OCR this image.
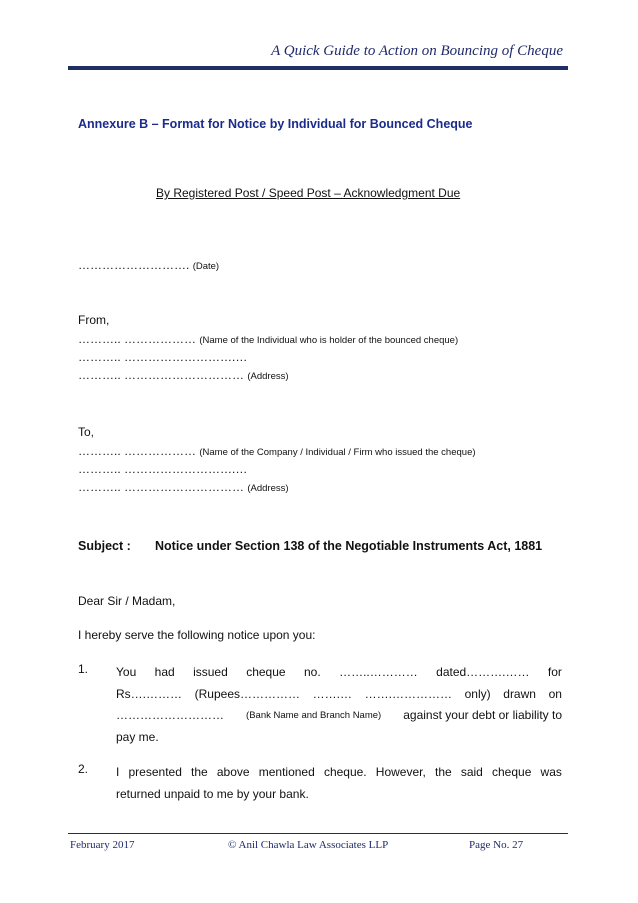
A Quick Guide to Action on Bouncing of Cheque
Annexure B – Format for Notice by Individual for Bounced Cheque
By Registered Post / Speed Post – Acknowledgment Due
………………………. (Date)
From,
……….. ……………… (Name of the Individual who is holder of the bounced cheque)
……….. ……………………….…
……….. ………………………… (Address)
To,
……….. ……………… (Name of the Company / Individual / Firm who issued the cheque)
……….. ……………………….…
……….. ………………………… (Address)
Subject : Notice under Section 138 of the Negotiable Instruments Act, 1881
Dear Sir / Madam,
I hereby serve the following notice upon you:
1. You had issued cheque no. ……..………… dated……….…… for
Rs….……… (Rupees…………… …….… …….…………… only) drawn on
……………………… (Bank Name and Branch Name) against your debt or liability to
pay me.
2. I presented the above mentioned cheque. However, the said cheque was
returned unpaid to me by your bank.
February 2017	© Anil Chawla Law Associates LLP	Page No. 27
